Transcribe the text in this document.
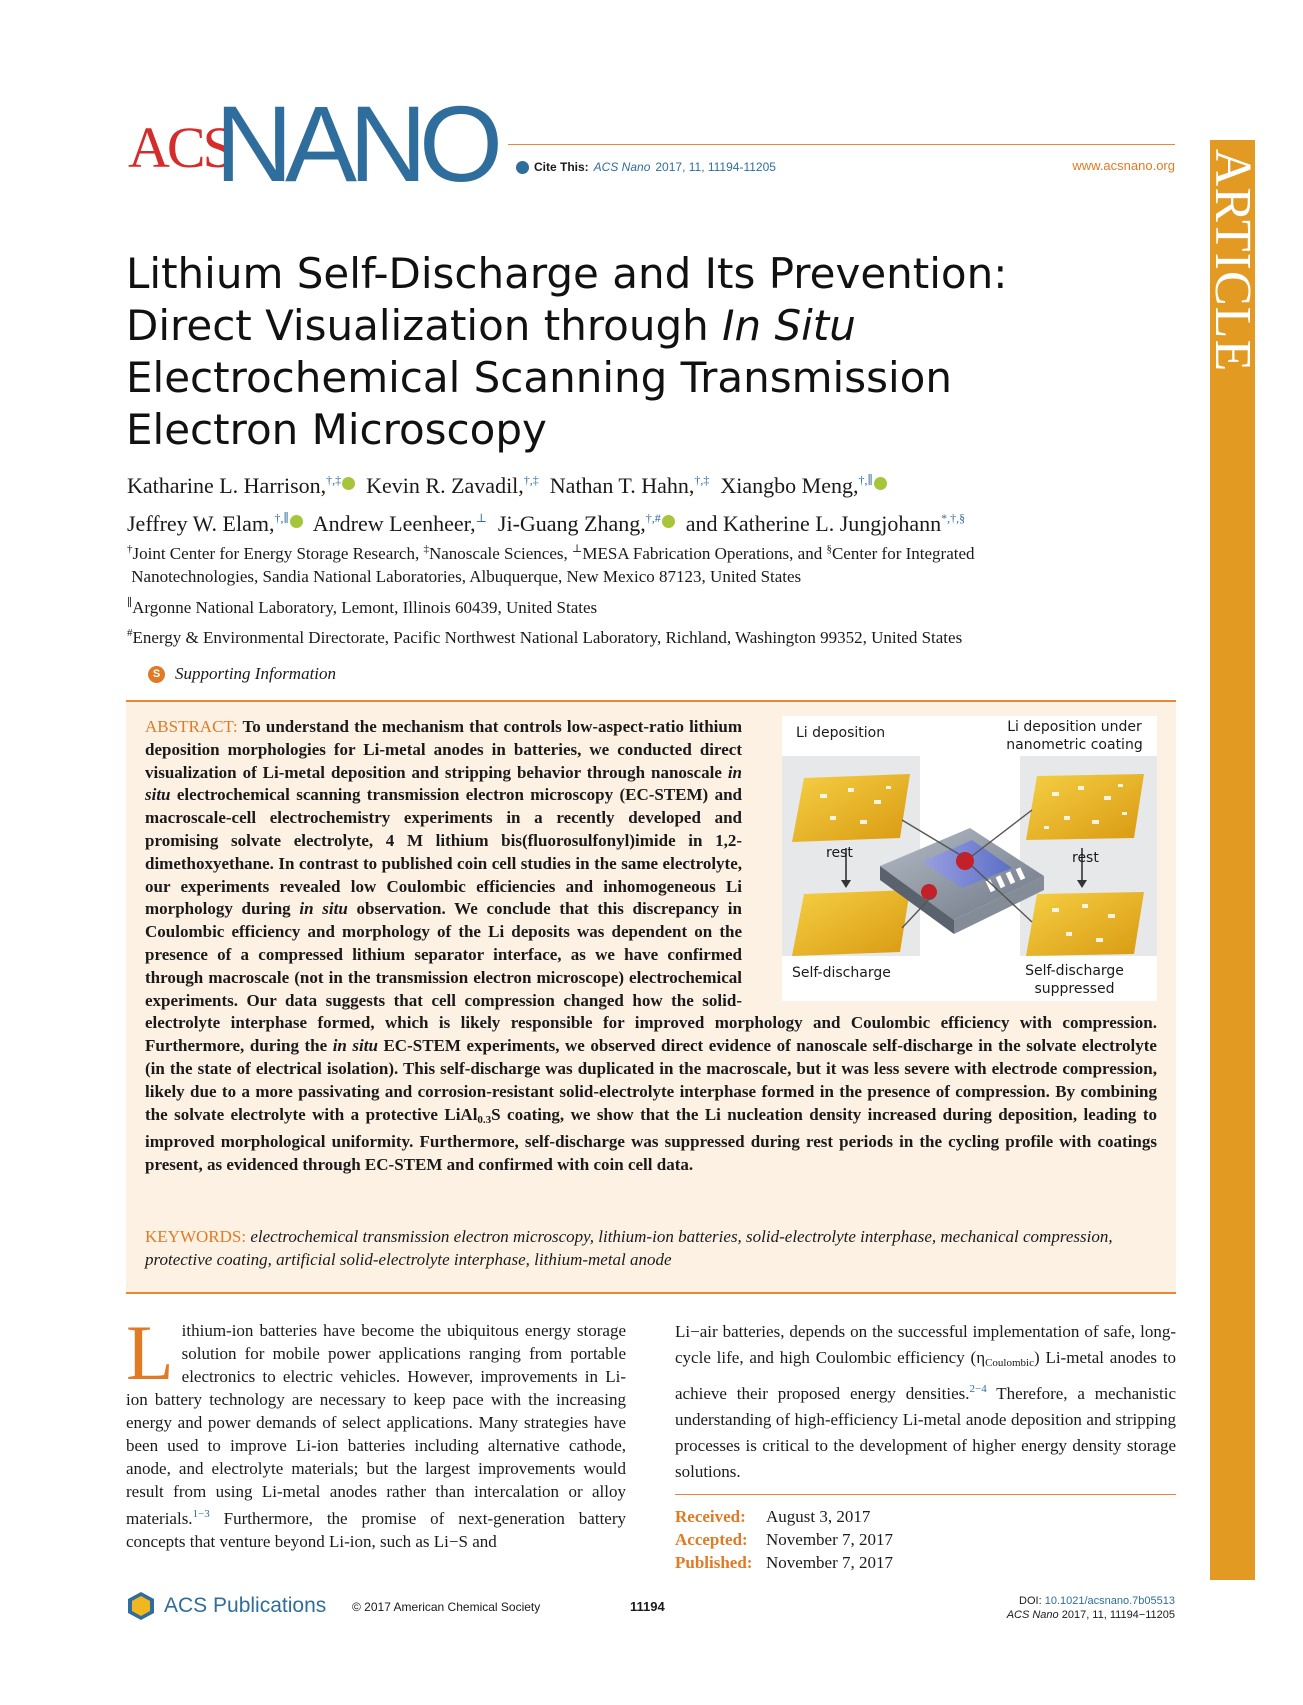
ACS
NANO	Cite This: ACS Nano 2017, 11, 11194-11205	www.acsnano.org ARTICLE
Lithium Self-Discharge and Its Prevention:
Direct Visualization through In Situ
Electrochemical Scanning Transmission
Electron Microscopy
Katharine L. Harrison,†,‡ Kevin R. Zavadil,†,‡ Nathan T. Hahn,†,‡ Xiangbo Meng,†,∥
Jeffrey W. Elam,†,∥ Andrew Leenheer,⊥ Ji-Guang Zhang,†,# and Katherine L. Jungjohann*,†,§
†Joint Center for Energy Storage Research, ‡Nanoscale Sciences, ⊥MESA Fabrication Operations, and §Center for Integrated
Nanotechnologies, Sandia National Laboratories, Albuquerque, New Mexico 87123, United States
∥Argonne National Laboratory, Lemont, Illinois 60439, United States
#Energy & Environmental Directorate, Pacific Northwest National Laboratory, Richland, Washington 99352, United States
S Supporting Information
ABSTRACT: To understand the mechanism that controls low-aspect-ratio lithium deposition morphologies for Li-metal anodes in batteries, we conducted direct visualization of Li-metal deposition and stripping behavior through nanoscale in situ electrochemical scanning transmission electron microscopy (EC-STEM) and macroscale-cell electrochemistry experiments in a recently developed and promising solvate electrolyte, 4 M lithium bis(fluorosulfonyl)imide in 1,2-dimethoxyethane. In contrast to published coin cell studies in the same electrolyte, our experiments revealed low Coulombic efficiencies and inhomogeneous Li morphology during in situ observation. We conclude that this discrepancy in Coulombic efficiency and morphology of the Li deposits was dependent on the presence of a compressed lithium separator interface, as we have confirmed through macroscale (not in the transmission electron microscope) electrochemical experiments. Our data suggests that cell compression changed how the solid-electrolyte interphase formed, which is likely responsible for improved morphology and Coulombic efficiency with compression. Furthermore, during the in situ EC-STEM experiments, we observed direct evidence of nanoscale self-discharge in the solvate electrolyte (in the state of electrical isolation). This self-discharge was duplicated in the macroscale, but it was less severe with electrode compression, likely due to a more passivating and corrosion-resistant solid-electrolyte interphase formed in the presence of compression. By combining the solvate electrolyte with a protective LiAl$_{0.3}$S coating, we show that the Li nucleation density increased during deposition, leading to improved morphological uniformity. Furthermore, self-discharge was suppressed during rest periods in the cycling profile with coatings present, as evidenced through EC-STEM and confirmed with coin cell data.
Li deposition	Li deposition under
nanometric coating
rest	rest
Self-discharge	Self-discharge
suppressed
KEYWORDS: electrochemical transmission electron microscopy, lithium-ion batteries, solid-electrolyte interphase, mechanical compression, protective coating, artificial solid-electrolyte interphase, lithium-metal anode
Lithium-ion batteries have become the ubiquitous energy storage solution for mobile power applications ranging from portable electronics to electric vehicles. However, improvements in Li-ion battery technology are necessary to keep pace with the increasing energy and power demands of select applications. Many strategies have been used to improve Li-ion batteries including alternative cathode, anode, and electrolyte materials; but the largest improvements would result from using Li-metal anodes rather than intercalation or alloy materials.$^{1-3}$ Furthermore, the promise of next-generation battery concepts that venture beyond Li-ion, such as Li−S and
Li−air batteries, depends on the successful implementation of safe, long-cycle life, and high Coulombic efficiency $(\eta_{Coulombic})$ Li-metal anodes to achieve their proposed energy densities.$^{2-4}$ Therefore, a mechanistic understanding of high-efficiency Li-metal anode deposition and stripping processes is critical to the development of higher energy density storage solutions.
Received:	August 3, 2017
Accepted:	November 7, 2017
Published: November 7, 2017
ACS Publications © 2017 American Chemical Society	11194	DOI: 10.1021/acsnano.7b05513
ACS Nano 2017, 11, 11194−11205
